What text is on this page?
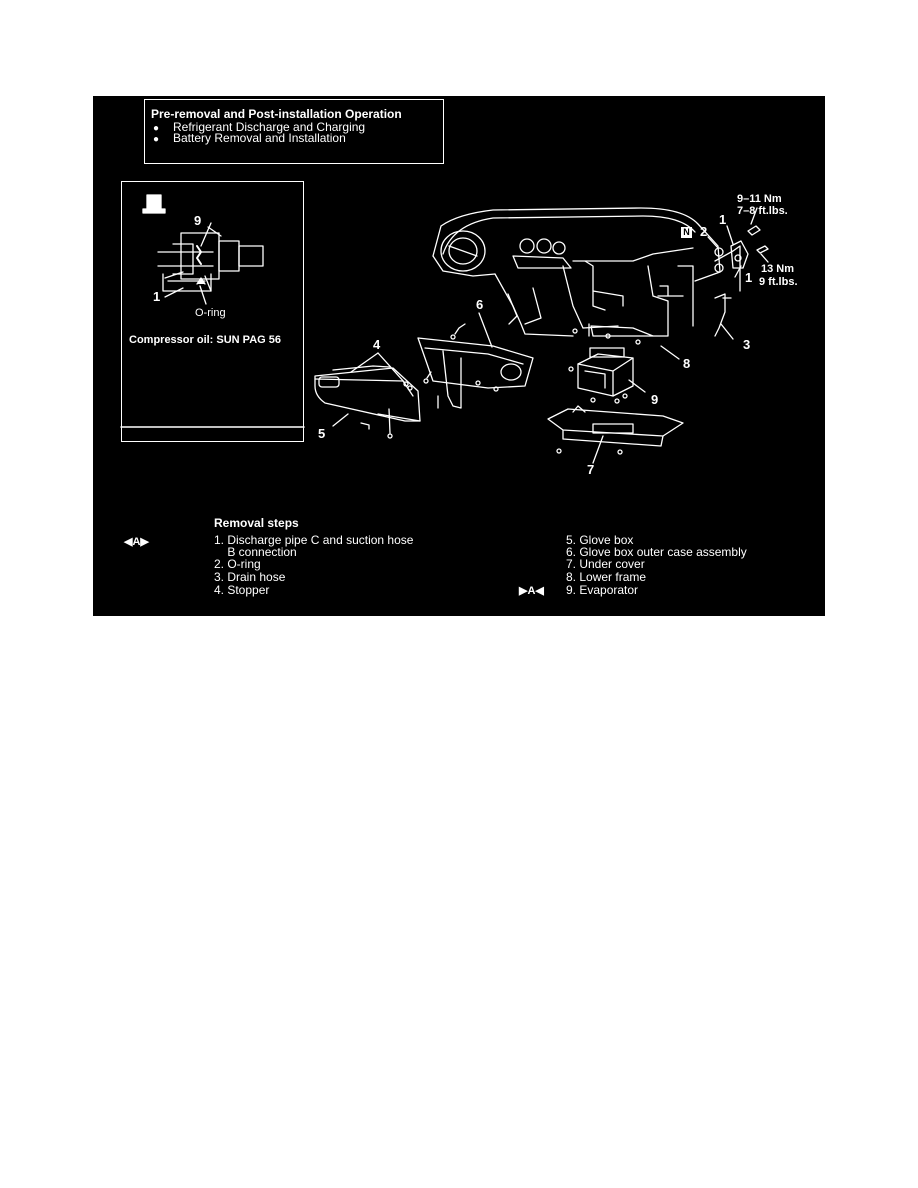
Pre-removal and Post-installation Operation
● Refrigerant Discharge and Charging
● Battery Removal and Installation
9
1
O-ring
Compressor oil: SUN PAG 56
1
N 2
1
3
4
5
6
7
8
9
9–11 Nm
7–8 ft.lbs.
13 Nm
9 ft.lbs.
Removal steps
◀A▶	1. Discharge pipe C and suction hose
B connection
2. O-ring
3. Drain hose
4. Stopper
5. Glove box
6. Glove box outer case assembly
7. Under cover
8. Lower frame
▶A◀ 9. Evaporator
